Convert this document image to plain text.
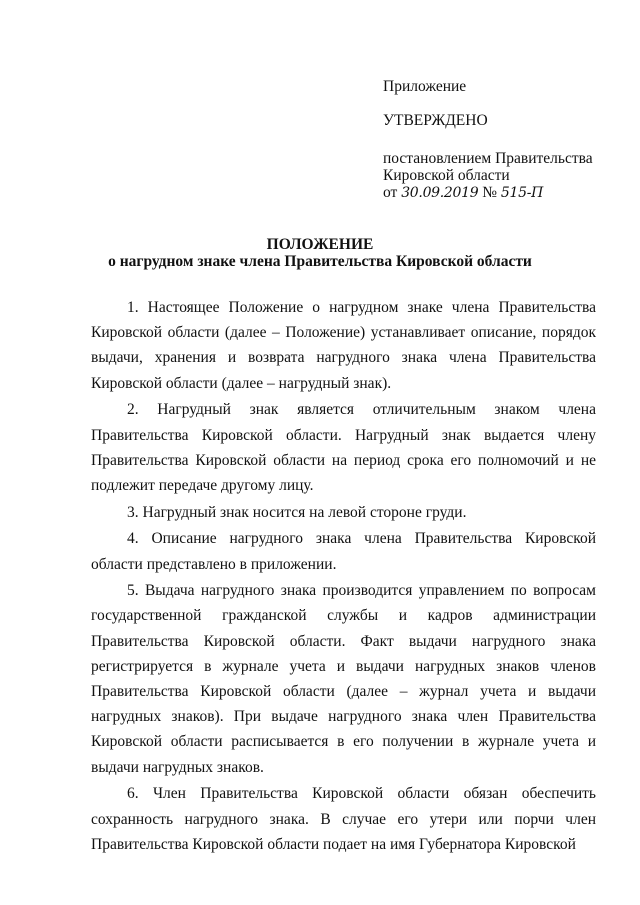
Приложение
УТВЕРЖДЕНО
постановлением Правительства
Кировской области
от 30.09.2019 № 515-П
ПОЛОЖЕНИЕ
о нагрудном знаке члена Правительства Кировской области

1. Настоящее Положение о нагрудном знаке члена Правительства Кировской области (далее – Положение) устанавливает описание, порядок выдачи, хранения и возврата нагрудного знака члена Правительства Кировской области (далее – нагрудный знак).

2. Нагрудный знак является отличительным знаком члена Правительства Кировской области. Нагрудный знак выдается члену Правительства Кировской области на период срока его полномочий и не подлежит передаче другому лицу.

3. Нагрудный знак носится на левой стороне груди.

4. Описание нагрудного знака члена Правительства Кировской области представлено в приложении.

5. Выдача нагрудного знака производится управлением по вопросам государственной гражданской службы и кадров администрации Правительства Кировской области. Факт выдачи нагрудного знака регистрируется в журнале учета и выдачи нагрудных знаков членов Правительства Кировской области (далее – журнал учета и выдачи нагрудных знаков). При выдаче нагрудного знака член Правительства Кировской области расписывается в его получении в журнале учета и выдачи нагрудных знаков.

6. Член Правительства Кировской области обязан обеспечить сохранность нагрудного знака. В случае его утери или порчи член Правительства Кировской области подает на имя Губернатора Кировской
